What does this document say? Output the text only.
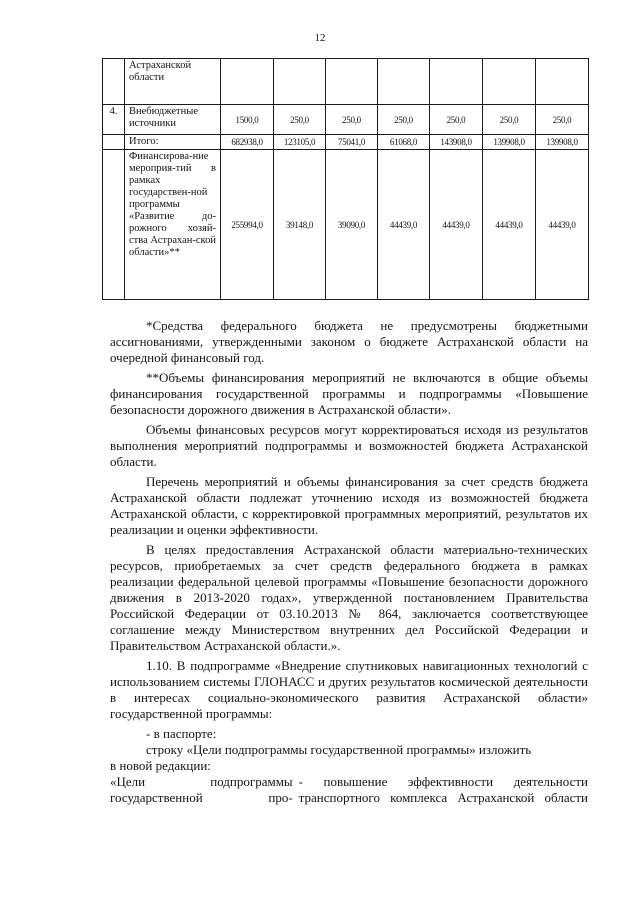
12
	Астраханской области							
4.	Внебюджетные источники	1500,0	250,0	250,0	250,0	250,0	250,0	250,0
	Итого:	682938,0	123105,0	75041,0	61068,0	143908,0	139908,0	139908,0
	Финансирова-ние мероприя-тий в рамках государствен-ной программы «Развитие до-рожного хозяй-ства Астрахан-ской области»**	255994,0	39148,0	39090,0	44439,0	44439,0	44439,0	44439,0

*Средства федерального бюджета не предусмотрены бюджетными ассигнованиями, утвержденными законом о бюджете Астраханской области на очередной финансовый год.

**Объемы финансирования мероприятий не включаются в общие объемы финансирования государственной программы и подпрограммы «Повышение безопасности дорожного движения в Астраханской области».

Объемы финансовых ресурсов могут корректироваться исходя из результатов выполнения мероприятий подпрограммы и возможностей бюджета Астраханской области.

Перечень мероприятий и объемы финансирования за счет средств бюджета Астраханской области подлежат уточнению исходя из возможностей бюджета Астраханской области, с корректировкой программных мероприятий, результатов их реализации и оценки эффективности.

В целях предоставления Астраханской области материально-технических ресурсов, приобретаемых за счет средств федерального бюджета в рамках реализации федеральной целевой программы «Повышение безопасности дорожного движения в 2013-2020 годах», утвержденной постановлением Правительства Российской Федерации от 03.10.2013 № 864, заключается соответствующее соглашение между Министерством внутренних дел Российской Федерации и Правительством Астраханской области.».

1.10. В подпрограмме «Внедрение спутниковых навигационных технологий с использованием системы ГЛОНАСС и других результатов космической деятельности в интересах социально-экономического развития Астраханской области» государственной программы:

- в паспорте:

строку «Цели подпрограммы государственной программы» изложить

в новой редакции:

«Цели подпрограммы государственной про-
- повышение эффективности деятельности транспортного комплекса Астраханской области
